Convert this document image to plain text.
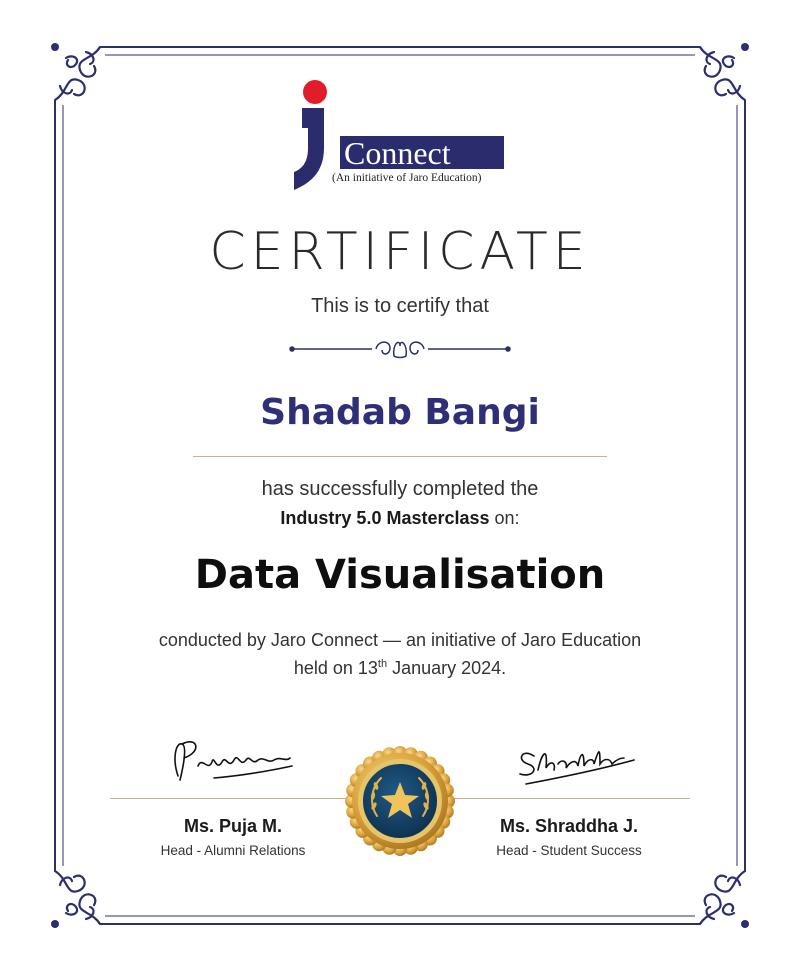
Connect
(An initiative of Jaro Education)
CERTIFICATE
This is to certify that
Shadab Bangi
has successfully completed the
Industry 5.0 Masterclass on:
Data Visualisation
conducted by Jaro Connect — an initiative of Jaro Education
held on 13th January 2024.
Ms. Puja M.
Head - Alumni Relations
Ms. Shraddha J.
Head - Student Success
